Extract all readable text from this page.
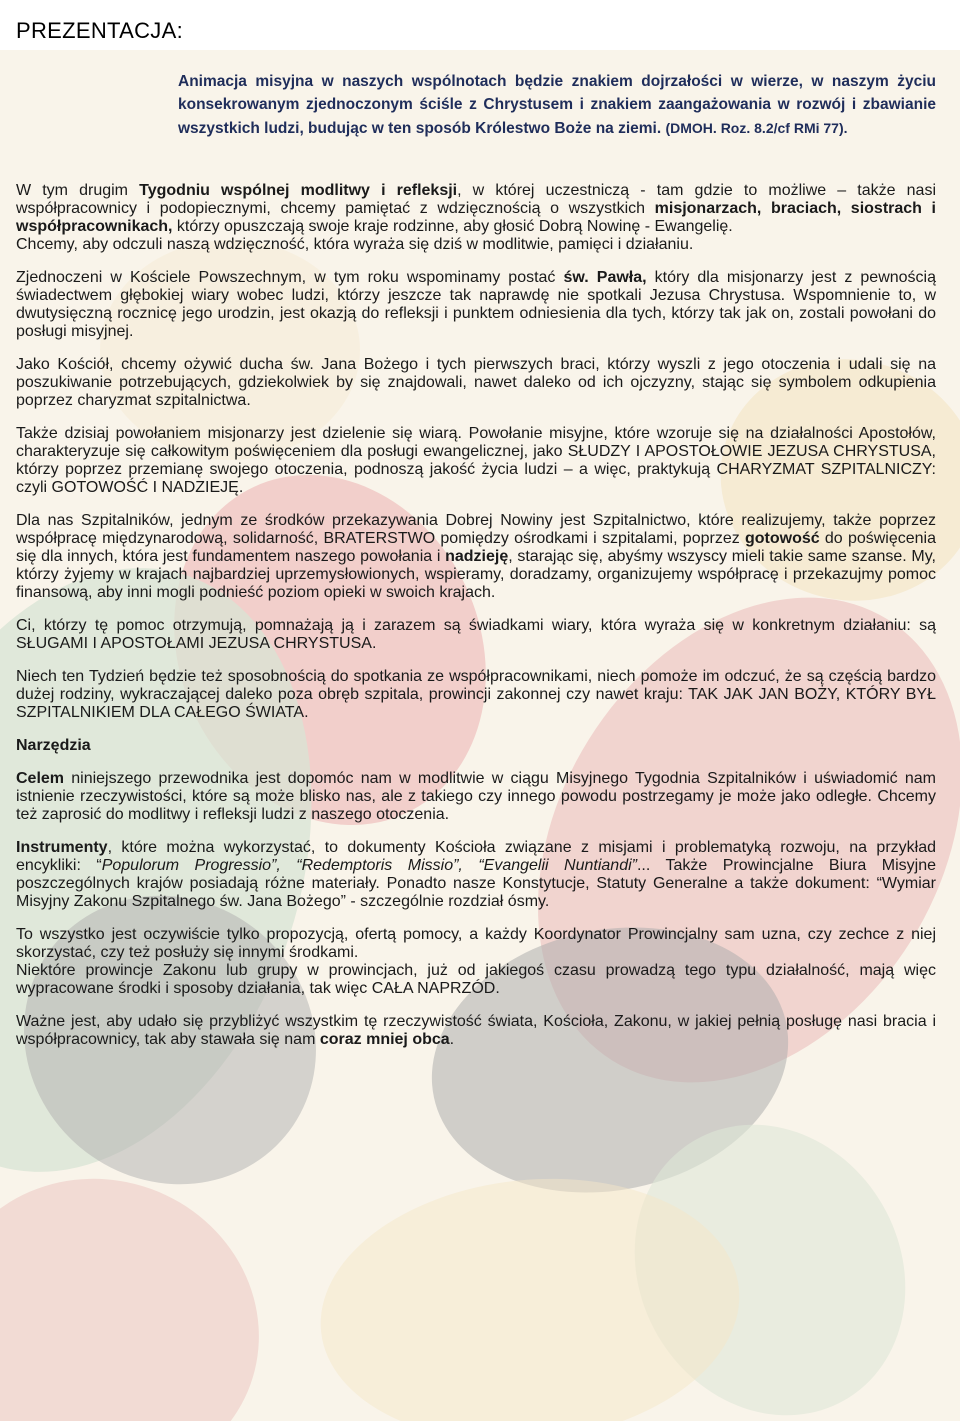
PREZENTACJA:
Animacja misyjna w naszych wspólnotach będzie znakiem dojrzałości w wierze, w naszym życiu konsekrowanym zjednoczonym ściśle z Chrystusem i znakiem zaangażowania w rozwój i zbawianie wszystkich ludzi, budując w ten sposób Królestwo Boże na ziemi. (DMOH. Roz. 8.2/cf RMi 77).

W tym drugim Tygodniu wspólnej modlitwy i refleksji, w której uczestniczą - tam gdzie to możliwe – także nasi współpracownicy i podopiecznymi, chcemy pamiętać z wdzięcznością o wszystkich misjonarzach, braciach, siostrach i współpracownikach, którzy opuszczają swoje kraje rodzinne, aby głosić Dobrą Nowinę - Ewangelię.

Chcemy, aby odczuli naszą wdzięczność, która wyraża się dziś w modlitwie, pamięci i działaniu.

Zjednoczeni w Kościele Powszechnym, w tym roku wspominamy postać św. Pawła, który dla misjonarzy jest z pewnością świadectwem głębokiej wiary wobec ludzi, którzy jeszcze tak naprawdę nie spotkali Jezusa Chrystusa. Wspomnienie to, w dwutysięczną rocznicę jego urodzin, jest okazją do refleksji i punktem odniesienia dla tych, którzy tak jak on, zostali powołani do posługi misyjnej.

Jako Kościół, chcemy ożywić ducha św. Jana Bożego i tych pierwszych braci, którzy wyszli z jego otoczenia i udali się na poszukiwanie potrzebujących, gdziekolwiek by się znajdowali, nawet daleko od ich ojczyzny, stając się symbolem odkupienia poprzez charyzmat szpitalnictwa.

Także dzisiaj powołaniem misjonarzy jest dzielenie się wiarą. Powołanie misyjne, które wzoruje się na działalności Apostołów, charakteryzuje się całkowitym poświęceniem dla posługi ewangelicznej, jako SŁUDZY I APOSTOŁOWIE JEZUSA CHRYSTUSA, którzy poprzez przemianę swojego otoczenia, podnoszą jakość życia ludzi – a więc, praktykują CHARYZMAT SZPITALNICZY: czyli GOTOWOŚĆ I NADZIEJĘ.

Dla nas Szpitalników, jednym ze środków przekazywania Dobrej Nowiny jest Szpitalnictwo, które realizujemy, także poprzez współpracę międzynarodową, solidarność, BRATERSTWO pomiędzy ośrodkami i szpitalami, poprzez gotowość do poświęcenia się dla innych, która jest fundamentem naszego powołania i nadzieję, starając się, abyśmy wszyscy mieli takie same szanse. My, którzy żyjemy w krajach najbardziej uprzemysłowionych, wspieramy, doradzamy, organizujemy współpracę i przekazujmy pomoc finansową, aby inni mogli podnieść poziom opieki w swoich krajach.

Ci, którzy tę pomoc otrzymują, pomnażają ją i zarazem są świadkami wiary, która wyraża się w konkretnym działaniu: są SŁUGAMI I APOSTOŁAMI JEZUSA CHRYSTUSA.

Niech ten Tydzień będzie też sposobnością do spotkania ze współpracownikami, niech pomoże im odczuć, że są częścią bardzo dużej rodziny, wykraczającej daleko poza obręb szpitala, prowincji zakonnej czy nawet kraju: TAK JAK JAN BOŻY, KTÓRY BYŁ SZPITALNIKIEM DLA CAŁEGO ŚWIATA.

Narzędzia

Celem niniejszego przewodnika jest dopomóc nam w modlitwie w ciągu Misyjnego Tygodnia Szpitalników i uświadomić nam istnienie rzeczywistości, które są może blisko nas, ale z takiego czy innego powodu postrzegamy je może jako odległe. Chcemy też zaprosić do modlitwy i refleksji ludzi z naszego otoczenia.

Instrumenty, które można wykorzystać, to dokumenty Kościoła związane z misjami i problematyką rozwoju, na przykład encykliki: “Populorum Progressio”, “Redemptoris Missio”, “Evangelii Nuntiandi”... Także Prowincjalne Biura Misyjne poszczególnych krajów posiadają różne materiały. Ponadto nasze Konstytucje, Statuty Generalne a także dokument: “Wymiar Misyjny Zakonu Szpitalnego św. Jana Bożego” - szczególnie rozdział ósmy.

To wszystko jest oczywiście tylko propozycją, ofertą pomocy, a każdy Koordynator Prowincjalny sam uzna, czy zechce z niej skorzystać, czy też posłuży się innymi środkami.

Niektóre prowincje Zakonu lub grupy w prowincjach, już od jakiegoś czasu prowadzą tego typu działalność, mają więc wypracowane środki i sposoby działania, tak więc CAŁA NAPRZÓD.

Ważne jest, aby udało się przybliżyć wszystkim tę rzeczywistość świata, Kościoła, Zakonu, w jakiej pełnią posługę nasi bracia i współpracownicy, tak aby stawała się nam coraz mniej obca.
